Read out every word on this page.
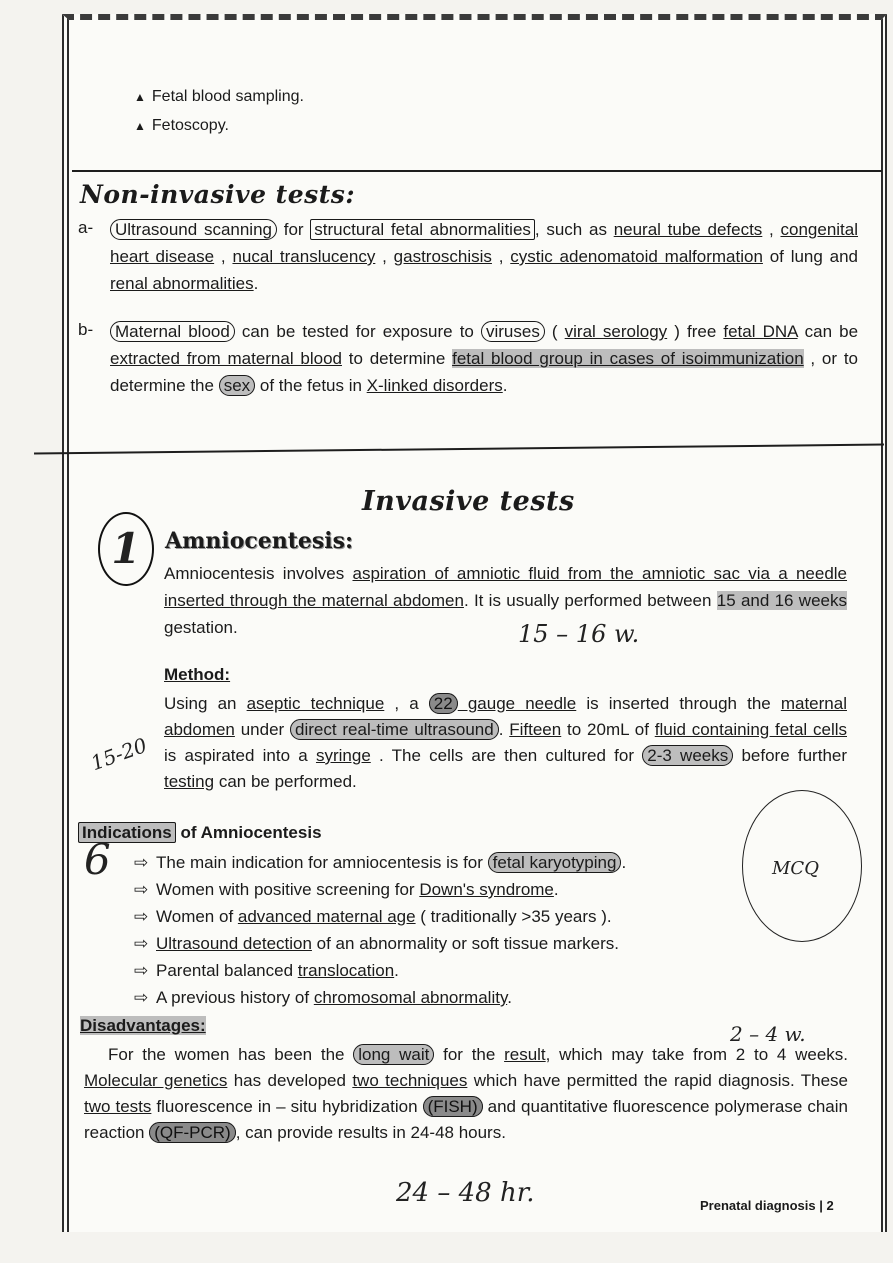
▲ Fetal blood sampling.
▲ Fetoscopy.
Non-invasive tests:
a- Ultrasound scanning for structural fetal abnormalities , such as neural tube defects , congenital heart disease , nucal translucency , gastroschisis , cystic adenomatoid malformation of lung and renal abnormalities.
b- Maternal blood can be tested for exposure to viruses ( viral serology ) free fetal DNA can be extracted from maternal blood to determine fetal blood group in cases of isoimmunization , or to determine the sex of the fetus in X-linked disorders.
Invasive tests
1	Amniocentesis:
Amniocentesis involves aspiration of amniotic fluid from the amniotic sac via a needle inserted through the maternal abdomen. It is usually performed between 15 and 16 weeks gestation.	15 – 16 w.
Method:
Using an aseptic technique , a 22 gauge needle is inserted through the maternal abdomen under direct real-time ultrasound . Fifteen to 20mL of fluid containing fetal cells is aspirated into a syringe . The cells are then cultured for 2-3 weeks before further testing can be performed.
15-20
Indications of Amniocentesis
6 ⇨ The main indication for amniocentesis is for fetal karyotyping .
⇨ Women with positive screening for Down's syndrome.
⇨ Women of advanced maternal age ( traditionally >35 years ).
⇨ Ultrasound detection of an abnormality or soft tissue markers.
⇨ Parental balanced translocation.
⇨ A previous history of chromosomal abnormality.
MCQ
Disadvantages:	2 – 4 w.
For the women has been the long wait for the result, which may take from 2 to 4 weeks. Molecular genetics has developed two techniques which have permitted the rapid diagnosis. These two tests fluorescence in – situ hybridization (FISH) and quantitative fluorescence polymerase chain reaction (QF-PCR) , can provide results in 24-48 hours.
24 – 48 hr.	Prenatal diagnosis | 2
